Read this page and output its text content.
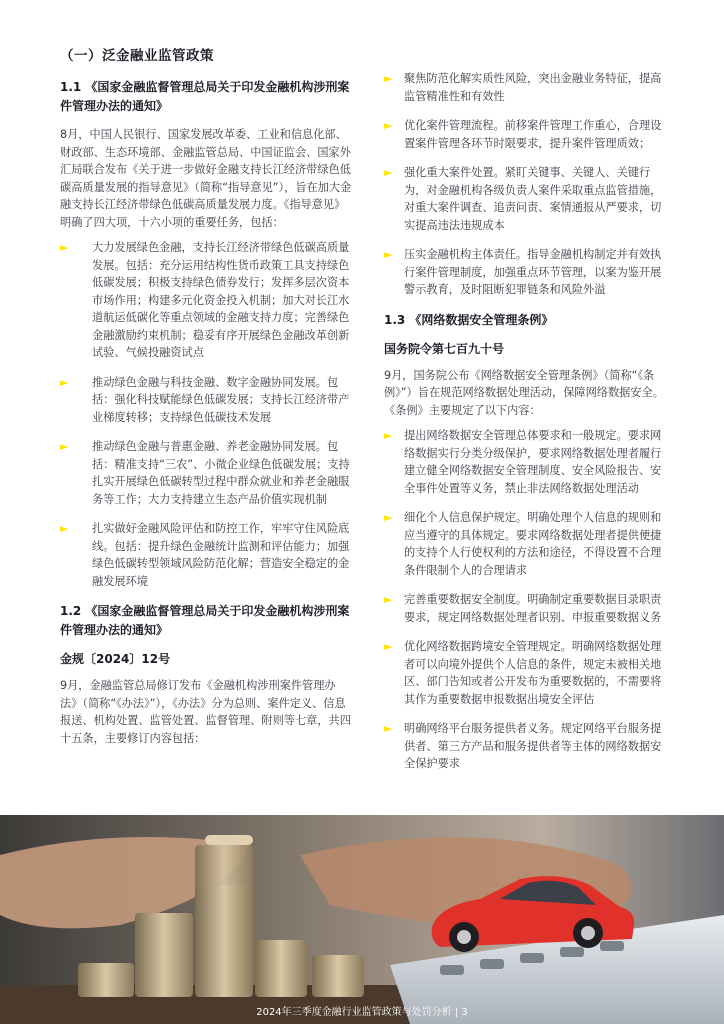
（一）泛金融业监管政策
1.1 《国家金融监督管理总局关于印发金融机构涉刑案件管理办法的通知》

8月，中国人民银行、国家发展改革委、工业和信息化部、财政部、生态环境部、金融监管总局、中国证监会、国家外汇局联合发布《关于进一步做好金融支持长江经济带绿色低碳高质量发展的指导意见》（简称“指导意见”），旨在加大金融支持长江经济带绿色低碳高质量发展力度。《指导意见》明确了四大项，十六小项的重要任务，包括：

► 大力发展绿色金融，支持长江经济带绿色低碳高质量发展。包括：充分运用结构性货币政策工具支持绿色低碳发展；积极支持绿色债券发行；发挥多层次资本市场作用；构建多元化资金投入机制；加大对长江水道航运低碳化等重点领域的金融支持力度；完善绿色金融激励约束机制；稳妥有序开展绿色金融改革创新试验、气候投融资试点
► 推动绿色金融与科技金融、数字金融协同发展。包括：强化科技赋能绿色低碳发展；支持长江经济带产业梯度转移；支持绿色低碳技术发展
► 推动绿色金融与普惠金融、养老金融协同发展。包括：精准支持“三农”、小微企业绿色低碳发展；支持扎实开展绿色低碳转型过程中群众就业和养老金融服务等工作；大力支持建立生态产品价值实现机制
► 扎实做好金融风险评估和防控工作，牢牢守住风险底线。包括：提升绿色金融统计监测和评估能力；加强绿色低碳转型领域风险防范化解；营造安全稳定的金融发展环境
1.2 《国家金融监督管理总局关于印发金融机构涉刑案件管理办法的通知》
金规〔2024〕12号

9月，金融监管总局修订发布《金融机构涉刑案件管理办法》（简称“《办法》”），《办法》分为总则、案件定义、信息报送、机构处置、监管处置、监督管理、附则等七章，共四十五条，主要修订内容包括：

► 聚焦防范化解实质性风险，突出金融业务特征，提高监管精准性和有效性
► 优化案件管理流程。前移案件管理工作重心，合理设置案件管理各环节时限要求，提升案件管理质效；
► 强化重大案件处置。紧盯关键事、关键人、关键行为，对金融机构各级负责人案件采取重点监管措施，对重大案件调查、追责问责、案情通报从严要求，切实提高违法违规成本
► 压实金融机构主体责任。指导金融机构制定并有效执行案件管理制度，加强重点环节管理，以案为鉴开展警示教育，及时阻断犯罪链条和风险外溢
1.3 《网络数据安全管理条例》
国务院令第七百九十号

9月，国务院公布《网络数据安全管理条例》（简称“《条例》”）旨在规范网络数据处理活动，保障网络数据安全。《条例》主要规定了以下内容：

► 提出网络数据安全管理总体要求和一般规定。要求网络数据实行分类分级保护，要求网络数据处理者履行建立健全网络数据安全管理制度、安全风险报告、安全事件处置等义务，禁止非法网络数据处理活动
► 细化个人信息保护规定。明确处理个人信息的规则和应当遵守的具体规定。要求网络数据处理者提供便捷的支持个人行使权利的方法和途径，不得设置不合理条件限制个人的合理请求
► 完善重要数据安全制度。明确制定重要数据目录职责要求，规定网络数据处理者识别、申报重要数据义务
► 优化网络数据跨境安全管理规定。明确网络数据处理者可以向境外提供个人信息的条件，规定未被相关地区、部门告知或者公开发布为重要数据的，不需要将其作为重要数据申报数据出境安全评估
► 明确网络平台服务提供者义务。规定网络平台服务提供者、第三方产品和服务提供者等主体的网络数据安全保护要求
2024年三季度金融行业监管政策与处罚分析 | 3
